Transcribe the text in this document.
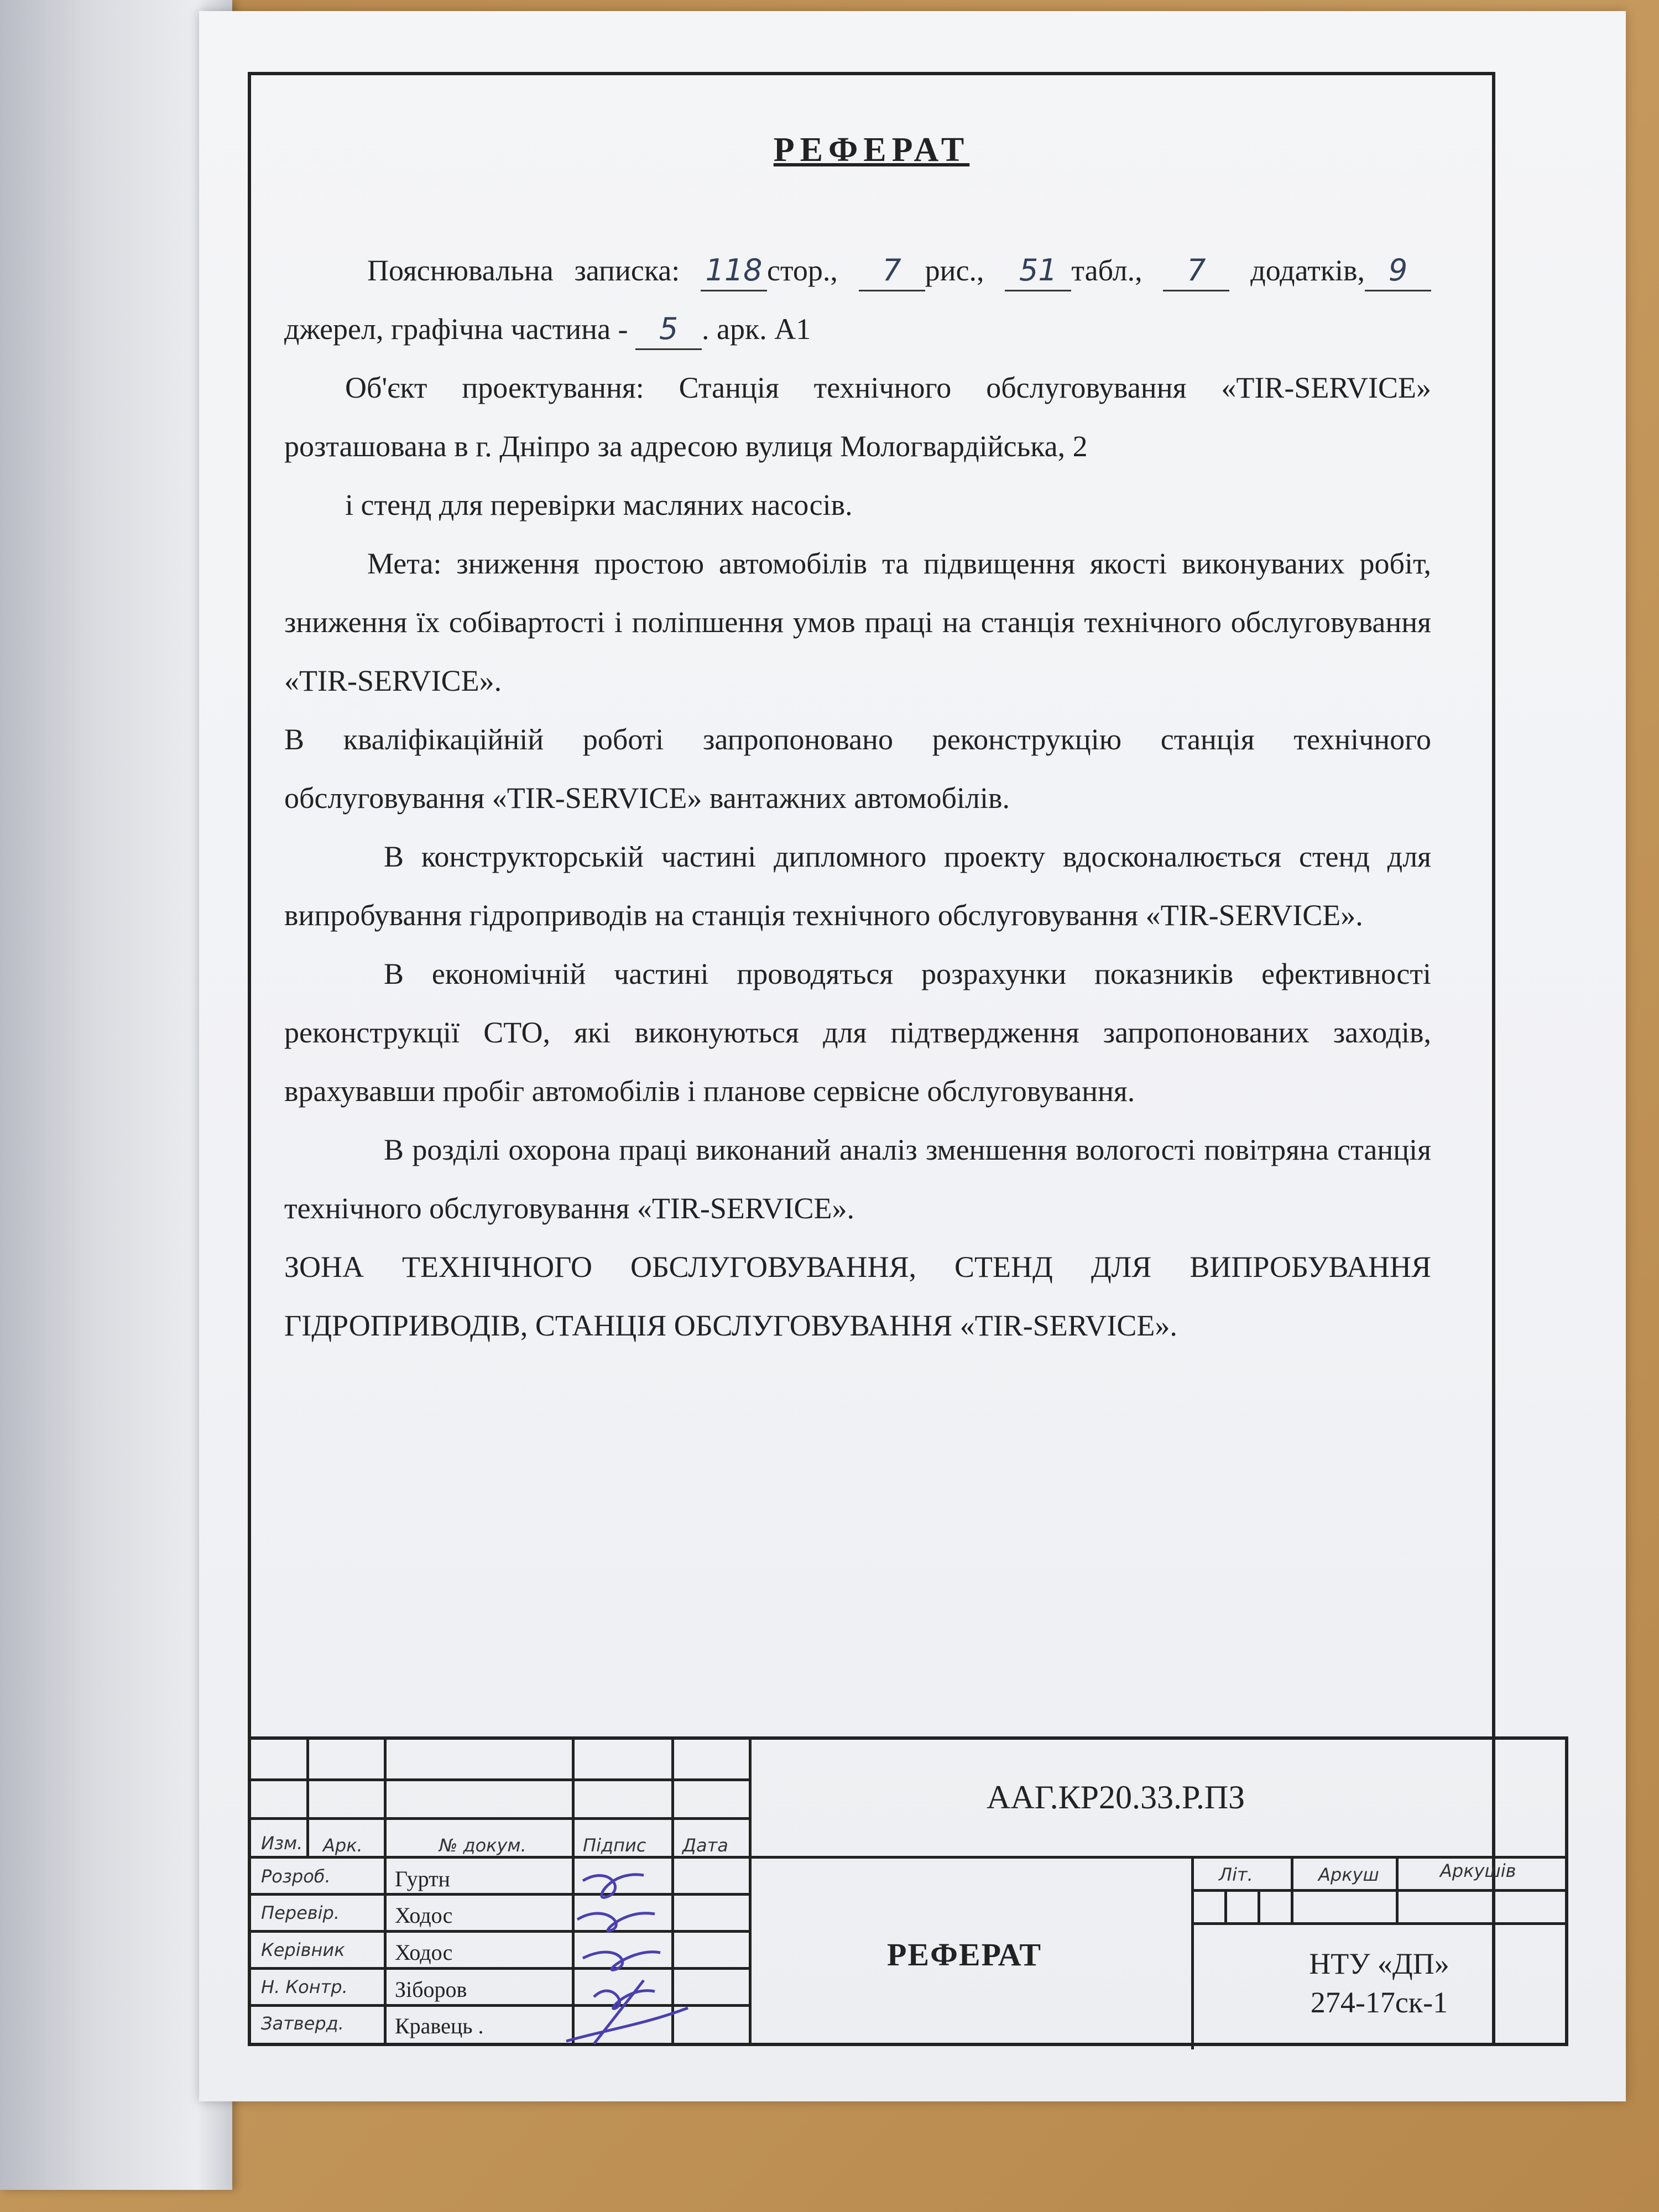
РЕФЕРАТ

Пояснювальна записка: 118 стор., 7 рис., 51 табл., 7 додатків, 9 джерел, графічна частина - 5 . арк. А1

Об'єкт проектування: Станція технічного обслуговування «TIR-SERVICE» розташована в г. Дніпро за адресою вулиця Мологвардійська, 2

і стенд для перевірки масляних насосів.

Мета: зниження простою автомобілів та підвищення якості виконуваних робіт, зниження їх собівартості і поліпшення умов праці на станція технічного обслуговування «TIR-SERVICE».

В кваліфікаційній роботі запропоновано реконструкцію станція технічного обслуговування «TIR-SERVICE» вантажних автомобілів.

В конструкторській частині дипломного проекту вдосконалюється стенд для випробування гідроприводів на станція технічного обслуговування «TIR-SERVICE».

В економічній частині проводяться розрахунки показників ефективності реконструкції СТО, які виконуються для підтвердження запропонованих заходів, врахувавши пробіг автомобілів і планове сервісне обслуговування.

В розділі охорона праці виконаний аналіз зменшення вологості повітряна станція технічного обслуговування «TIR-SERVICE».

ЗОНА ТЕХНІЧНОГО ОБСЛУГОВУВАННЯ, СТЕНД ДЛЯ ВИПРОБУВАННЯ ГІДРОПРИВОДІВ, СТАНЦІЯ ОБСЛУГОВУВАННЯ «TIR-SERVICE».

Изм. Арк.	№ докум.	Підпис Дата
Розроб.	Гуртн
Перевір.	Ходос
Керівник Ходос
Н. Контр. Зіборов
Затверд. Кравець .
ААГ.КР20.33.Р.ПЗ
РЕФЕРАТ
Літ.	Аркуш	Аркушів
НТУ «ДП»
274-17ск-1
